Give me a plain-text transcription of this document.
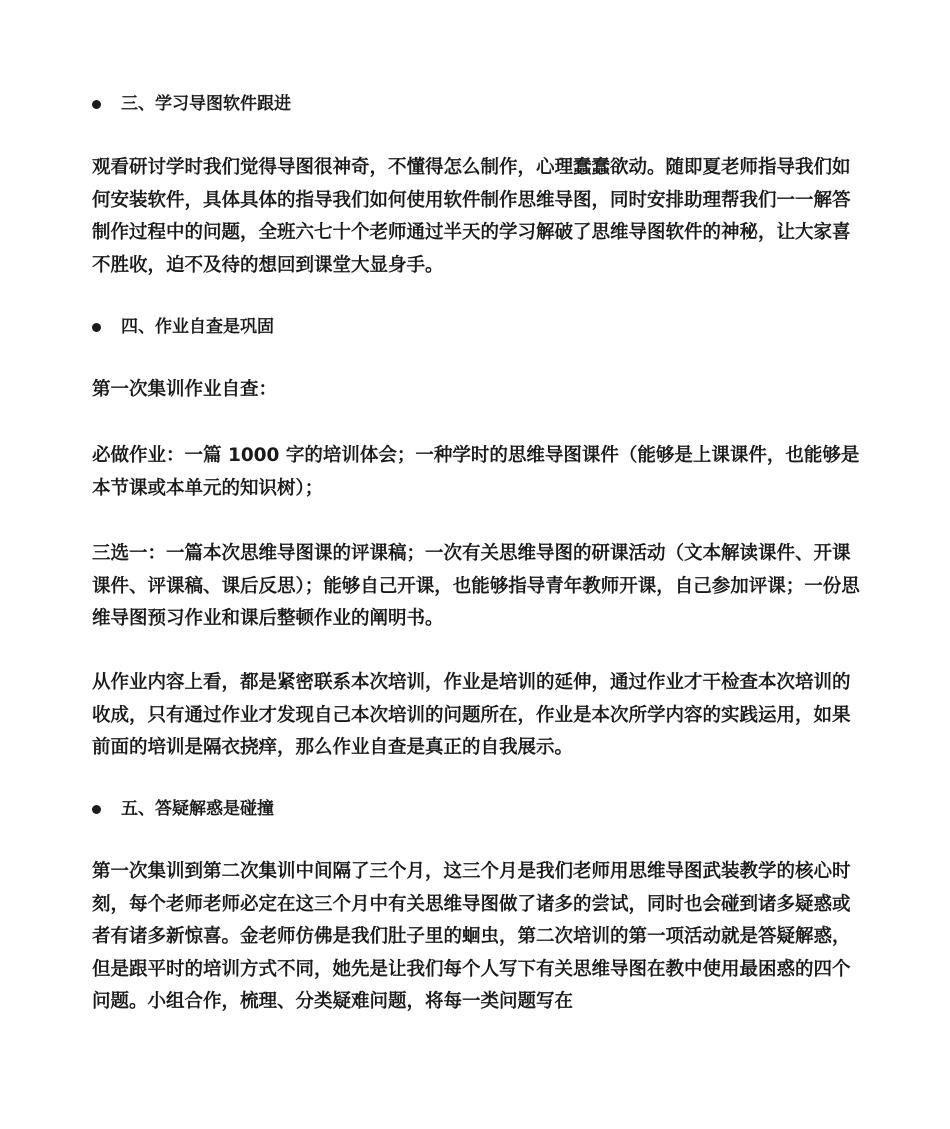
三、学习导图软件跟进

观看研讨学时我们觉得导图很神奇，不懂得怎么制作，心理蠢蠢欲动。随即夏老师指导我们如何安装软件，具体具体的指导我们如何使用软件制作思维导图，同时安排助理帮我们一一解答制作过程中的问题，全班六七十个老师通过半天的学习解破了思维导图软件的神秘，让大家喜不胜收，迫不及待的想回到课堂大显身手。

四、作业自查是巩固

第一次集训作业自查：

必做作业：一篇 1000 字的培训体会；一种学时的思维导图课件（能够是上课课件，也能够是本节课或本单元的知识树）；

三选一：一篇本次思维导图课的评课稿；一次有关思维导图的研课活动（文本解读课件、开课课件、评课稿、课后反思）；能够自己开课，也能够指导青年教师开课，自己参加评课；一份思维导图预习作业和课后整顿作业的阐明书。

从作业内容上看，都是紧密联系本次培训，作业是培训的延伸，通过作业才干检查本次培训的收成，只有通过作业才发现自己本次培训的问题所在，作业是本次所学内容的实践运用，如果前面的培训是隔衣挠痒，那么作业自查是真正的自我展示。

五、答疑解惑是碰撞

第一次集训到第二次集训中间隔了三个月，这三个月是我们老师用思维导图武装教学的核心时刻，每个老师老师必定在这三个月中有关思维导图做了诸多的尝试，同时也会碰到诸多疑惑或者有诸多新惊喜。金老师仿佛是我们肚子里的蛔虫，第二次培训的第一项活动就是答疑解惑，但是跟平时的培训方式不同，她先是让我们每个人写下有关思维导图在教中使用最困惑的四个问题。小组合作，梳理、分类疑难问题，将每一类问题写在
